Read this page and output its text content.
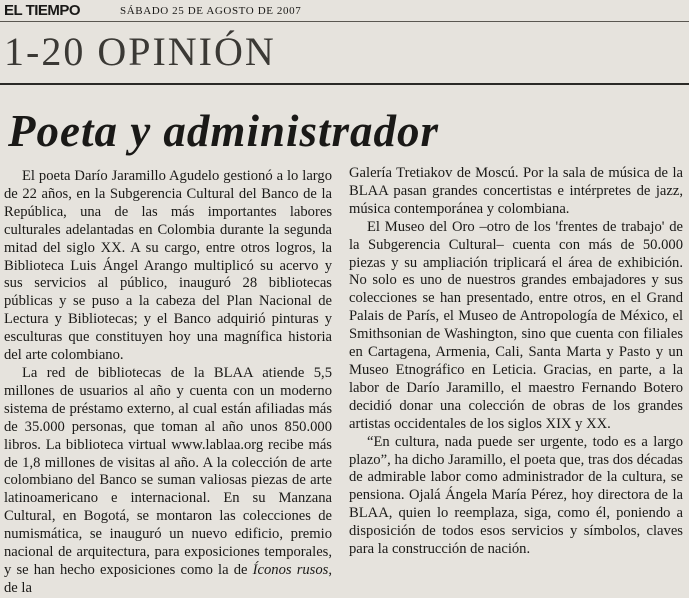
EL TIEMPO	SÁBADO 25 DE AGOSTO DE 2007
1-20 OPINIÓN
Poeta y administrador

El poeta Darío Jaramillo Agudelo gestionó a lo largo de 22 años, en la Subgerencia Cultural del Banco de la República, una de las más importantes labores culturales adelantadas en Colombia durante la segunda mitad del siglo XX. A su cargo, entre otros logros, la Biblioteca Luis Ángel Arango multiplicó su acervo y sus servicios al público, inauguró 28 bibliotecas públicas y se puso a la cabeza del Plan Nacional de Lectura y Bibliotecas; y el Banco adquirió pinturas y esculturas que constituyen hoy una magnífica historia del arte colombiano.

La red de bibliotecas de la BLAA atiende 5,5 millones de usuarios al año y cuenta con un moderno sistema de préstamo externo, al cual están afiliadas más de 35.000 personas, que toman al año unos 850.000 libros. La biblioteca virtual www.lablaa.org recibe más de 1,8 millones de visitas al año. A la colección de arte colombiano del Banco se suman valiosas piezas de arte latinoamericano e internacional. En su Manzana Cultural, en Bogotá, se montaron las colecciones de numismática, se inauguró un nuevo edificio, premio nacional de arquitectura, para exposiciones temporales, y se han hecho exposiciones como la de Íconos rusos, de la

Galería Tretiakov de Moscú. Por la sala de música de la BLAA pasan grandes concertistas e intérpretes de jazz, música contemporánea y colombiana.

El Museo del Oro –otro de los 'frentes de trabajo' de la Subgerencia Cultural– cuenta con más de 50.000 piezas y su ampliación triplicará el área de exhibición. No solo es uno de nuestros grandes embajadores y sus colecciones se han presentado, entre otros, en el Grand Palais de París, el Museo de Antropología de México, el Smithsonian de Washington, sino que cuenta con filiales en Cartagena, Armenia, Cali, Santa Marta y Pasto y un Museo Etnográfico en Leticia. Gracias, en parte, a la labor de Darío Jaramillo, el maestro Fernando Botero decidió donar una colección de obras de los grandes artistas occidentales de los siglos XIX y XX.

“En cultura, nada puede ser urgente, todo es a largo plazo”, ha dicho Jaramillo, el poeta que, tras dos décadas de admirable labor como administrador de la cultura, se pensiona. Ojalá Ángela María Pérez, hoy directora de la BLAA, quien lo reemplaza, siga, como él, poniendo a disposición de todos esos servicios y símbolos, claves para la construcción de nación.
